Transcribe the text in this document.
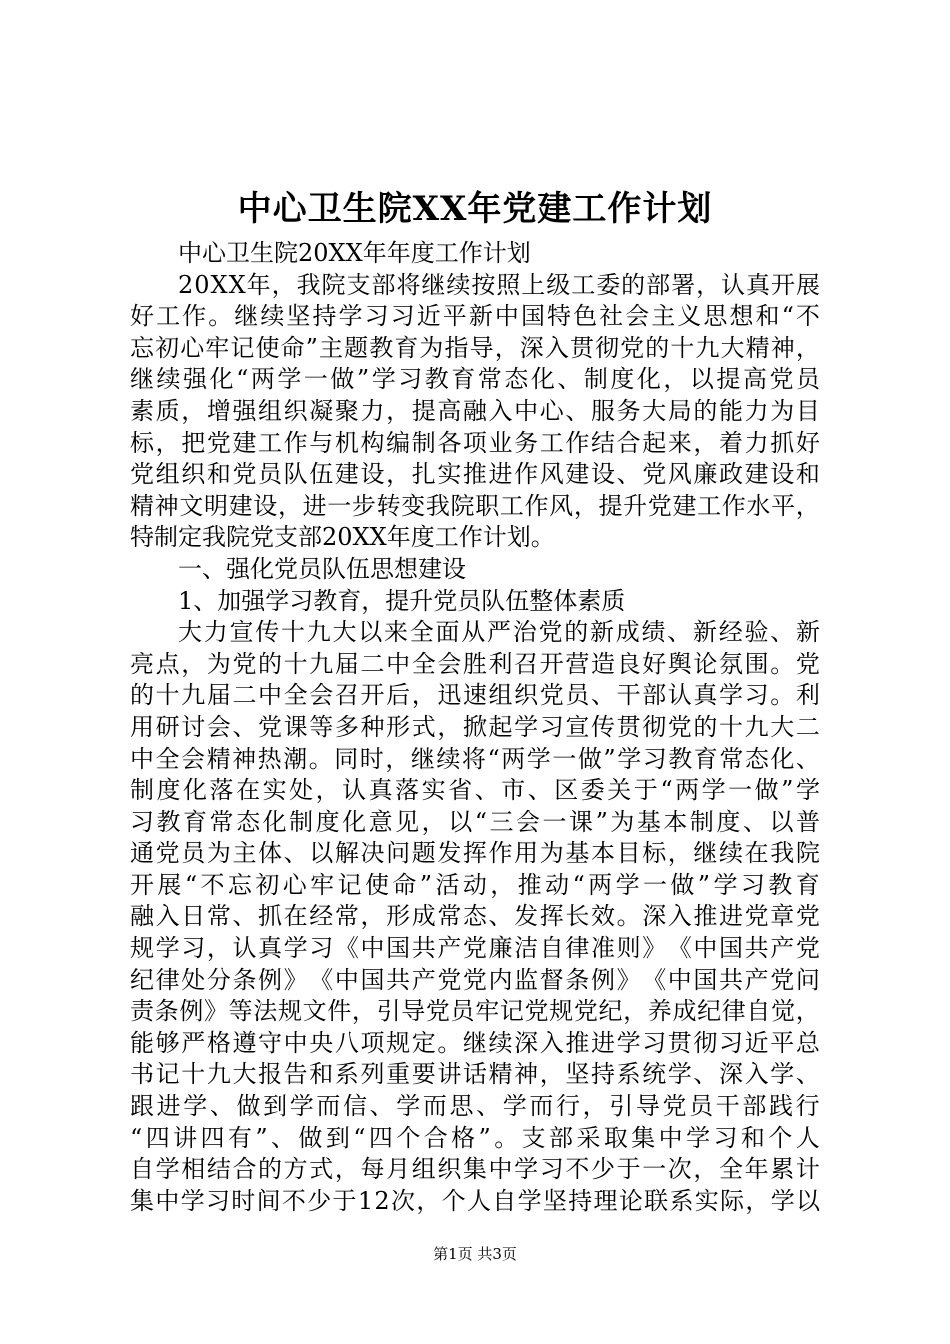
中心卫生院XX年党建工作计划
中心卫生院20XX年年度工作计划
2 0 X X 年 ， 我 院 支 部 将 继 续 按 照 上 级 工 委 的 部 署 ， 认 真 开 展
好 工 作 。 继 续 坚 持 学 习 习 近 平 新 中 国 特 色 社 会 主 义 思 想 和 “ 不
忘 初 心 牢 记 使 命 ” 主 题 教 育 为 指 导 ， 深 入 贯 彻 党 的 十 九 大 精 神 ，
继 续 强 化 “ 两 学 一 做 ” 学 习 教 育 常 态 化 、 制 度 化 ， 以 提 高 党 员
素 质 ， 增 强 组 织 凝 聚 力 ， 提 高 融 入 中 心 、 服 务 大 局 的 能 力 为 目
标 ， 把 党 建 工 作 与 机 构 编 制 各 项 业 务 工 作 结 合 起 来 ， 着 力 抓 好
党 组 织 和 党 员 队 伍 建 设 ， 扎 实 推 进 作 风 建 设 、 党 风 廉 政 建 设 和
精 神 文 明 建 设 ， 进 一 步 转 变 我 院 职 工 作 风 ， 提 升 党 建 工 作 水 平 ，
特制定我院党支部20XX年度工作计划。
一、强化党员队伍思想建设
1、加强学习教育，提升党员队伍整体素质
大 力 宣 传 十 九 大 以 来 全 面 从 严 治 党 的 新 成 绩 、 新 经 验 、 新
亮 点 ， 为 党 的 十 九 届 二 中 全 会 胜 利 召 开 营 造 良 好 舆 论 氛 围 。 党
的 十 九 届 二 中 全 会 召 开 后 ， 迅 速 组 织 党 员 、 干 部 认 真 学 习 。 利
用 研 讨 会 、 党 课 等 多 种 形 式 ， 掀 起 学 习 宣 传 贯 彻 党 的 十 九 大 二
中 全 会 精 神 热 潮 。 同 时 ， 继 续 将 “ 两 学 一 做 ” 学 习 教 育 常 态 化 、
制 度 化 落 在 实 处 ， 认 真 落 实 省 、 市 、 区 委 关 于 “ 两 学 一 做 ” 学
习 教 育 常 态 化 制 度 化 意 见 ， 以 “ 三 会 一 课 ” 为 基 本 制 度 、 以 普
通 党 员 为 主 体 、 以 解 决 问 题 发 挥 作 用 为 基 本 目 标 ， 继 续 在 我 院
开 展 “ 不 忘 初 心 牢 记 使 命 ” 活 动 ， 推 动 “ 两 学 一 做 ” 学 习 教 育
融 入 日 常 、 抓 在 经 常 ， 形 成 常 态 、 发 挥 长 效 。 深 入 推 进 党 章 党
规 学 习 ， 认 真 学 习 《 中 国 共 产 党 廉 洁 自 律 准 则 》 《 中 国 共 产 党
纪 律 处 分 条 例 》 《 中 国 共 产 党 党 内 监 督 条 例 》 《 中 国 共 产 党 问
责 条 例 》 等 法 规 文 件 ， 引 导 党 员 牢 记 党 规 党 纪 ， 养 成 纪 律 自 觉 ，
能 够 严 格 遵 守 中 央 八 项 规 定 。 继 续 深 入 推 进 学 习 贯 彻 习 近 平 总
书 记 十 九 大 报 告 和 系 列 重 要 讲 话 精 神 ， 坚 持 系 统 学 、 深 入 学 、
跟 进 学 、 做 到 学 而 信 、 学 而 思 、 学 而 行 ， 引 导 党 员 干 部 践 行
“ 四 讲 四 有 ” 、 做 到 “ 四 个 合 格 ” 。 支 部 采 取 集 中 学 习 和 个 人
自 学 相 结 合 的 方 式 ， 每 月 组 织 集 中 学 习 不 少 于 一 次 ， 全 年 累 计
集 中 学 习 时 间 不 少 于 1 2 次 ， 个 人 自 学 坚 持 理 论 联 系 实 际 ， 学 以
第1页 共3页
